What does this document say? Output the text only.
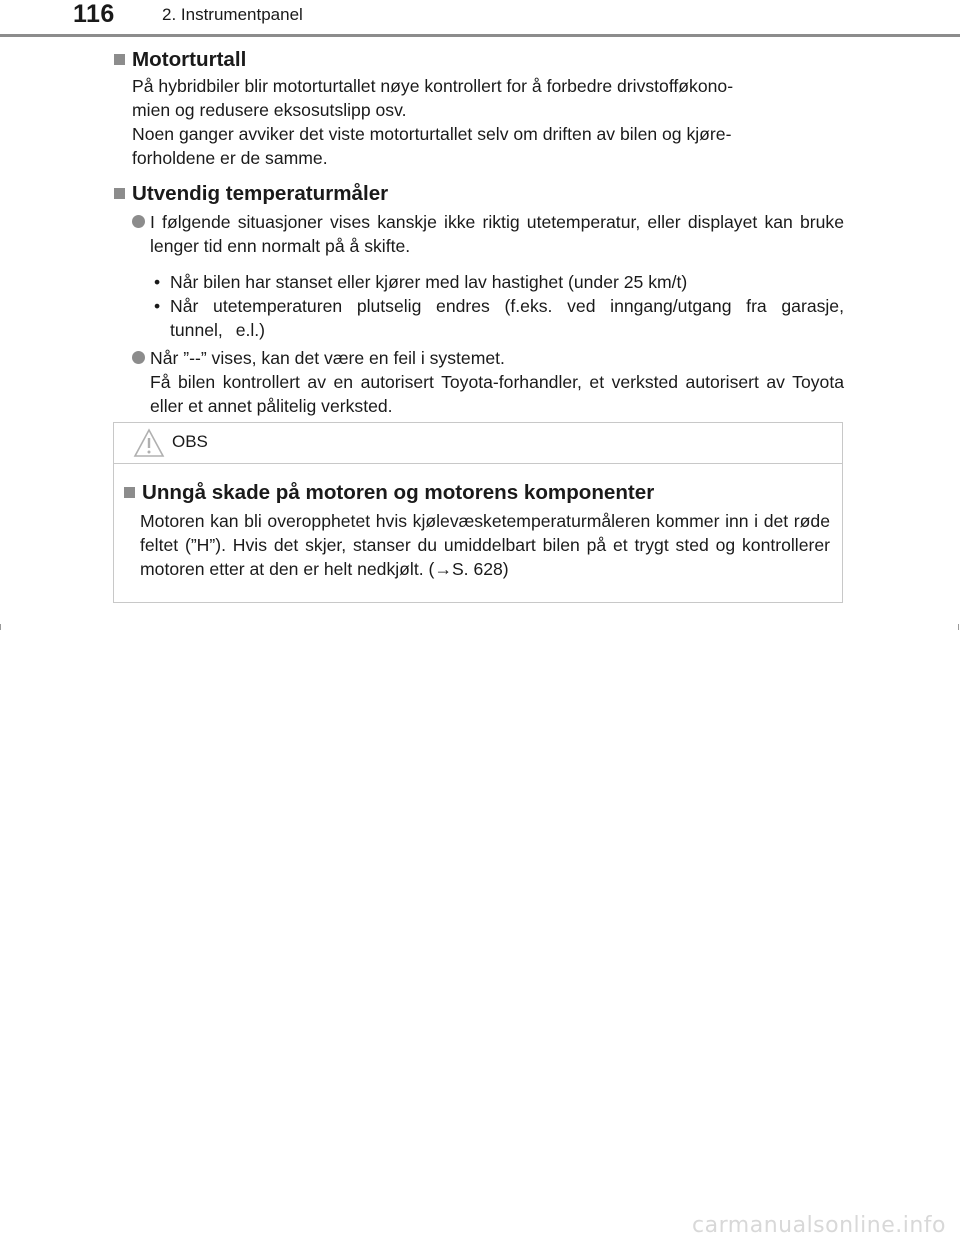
116	2. Instrumentpanel
Motorturtall

På hybridbiler blir motorturtallet nøye kontrollert for å forbedre drivstofføkono-

mien og redusere eksosutslipp osv.

Noen ganger avviker det viste motorturtallet selv om driften av bilen og kjøre-

forholdene er de samme.

Utvendig temperaturmåler

I følgende situasjoner vises kanskje ikke riktig utetemperatur, eller displayet kan bruke lenger tid enn normalt på å skifte.

• Når bilen har stanset eller kjører med lav hastighet (under 25 km/t)
• Når utetemperaturen plutselig endres (f.eks. ved inngang/utgang fra garasje, tunnel, e.l.)

Når ”--” vises, kan det være en feil i systemet.

Få bilen kontrollert av en autorisert Toyota-forhandler, et verksted autorisert av Toyota eller et annet pålitelig verksted.

OBS
Unngå skade på motoren og motorens komponenter

Motoren kan bli overopphetet hvis kjølevæsketemperaturmåleren kommer inn i det røde feltet (”H”). Hvis det skjer, stanser du umiddelbart bilen på et trygt sted og kontrollerer motoren etter at den er helt nedkjølt. (→S. 628)

carmanualsonline.info
